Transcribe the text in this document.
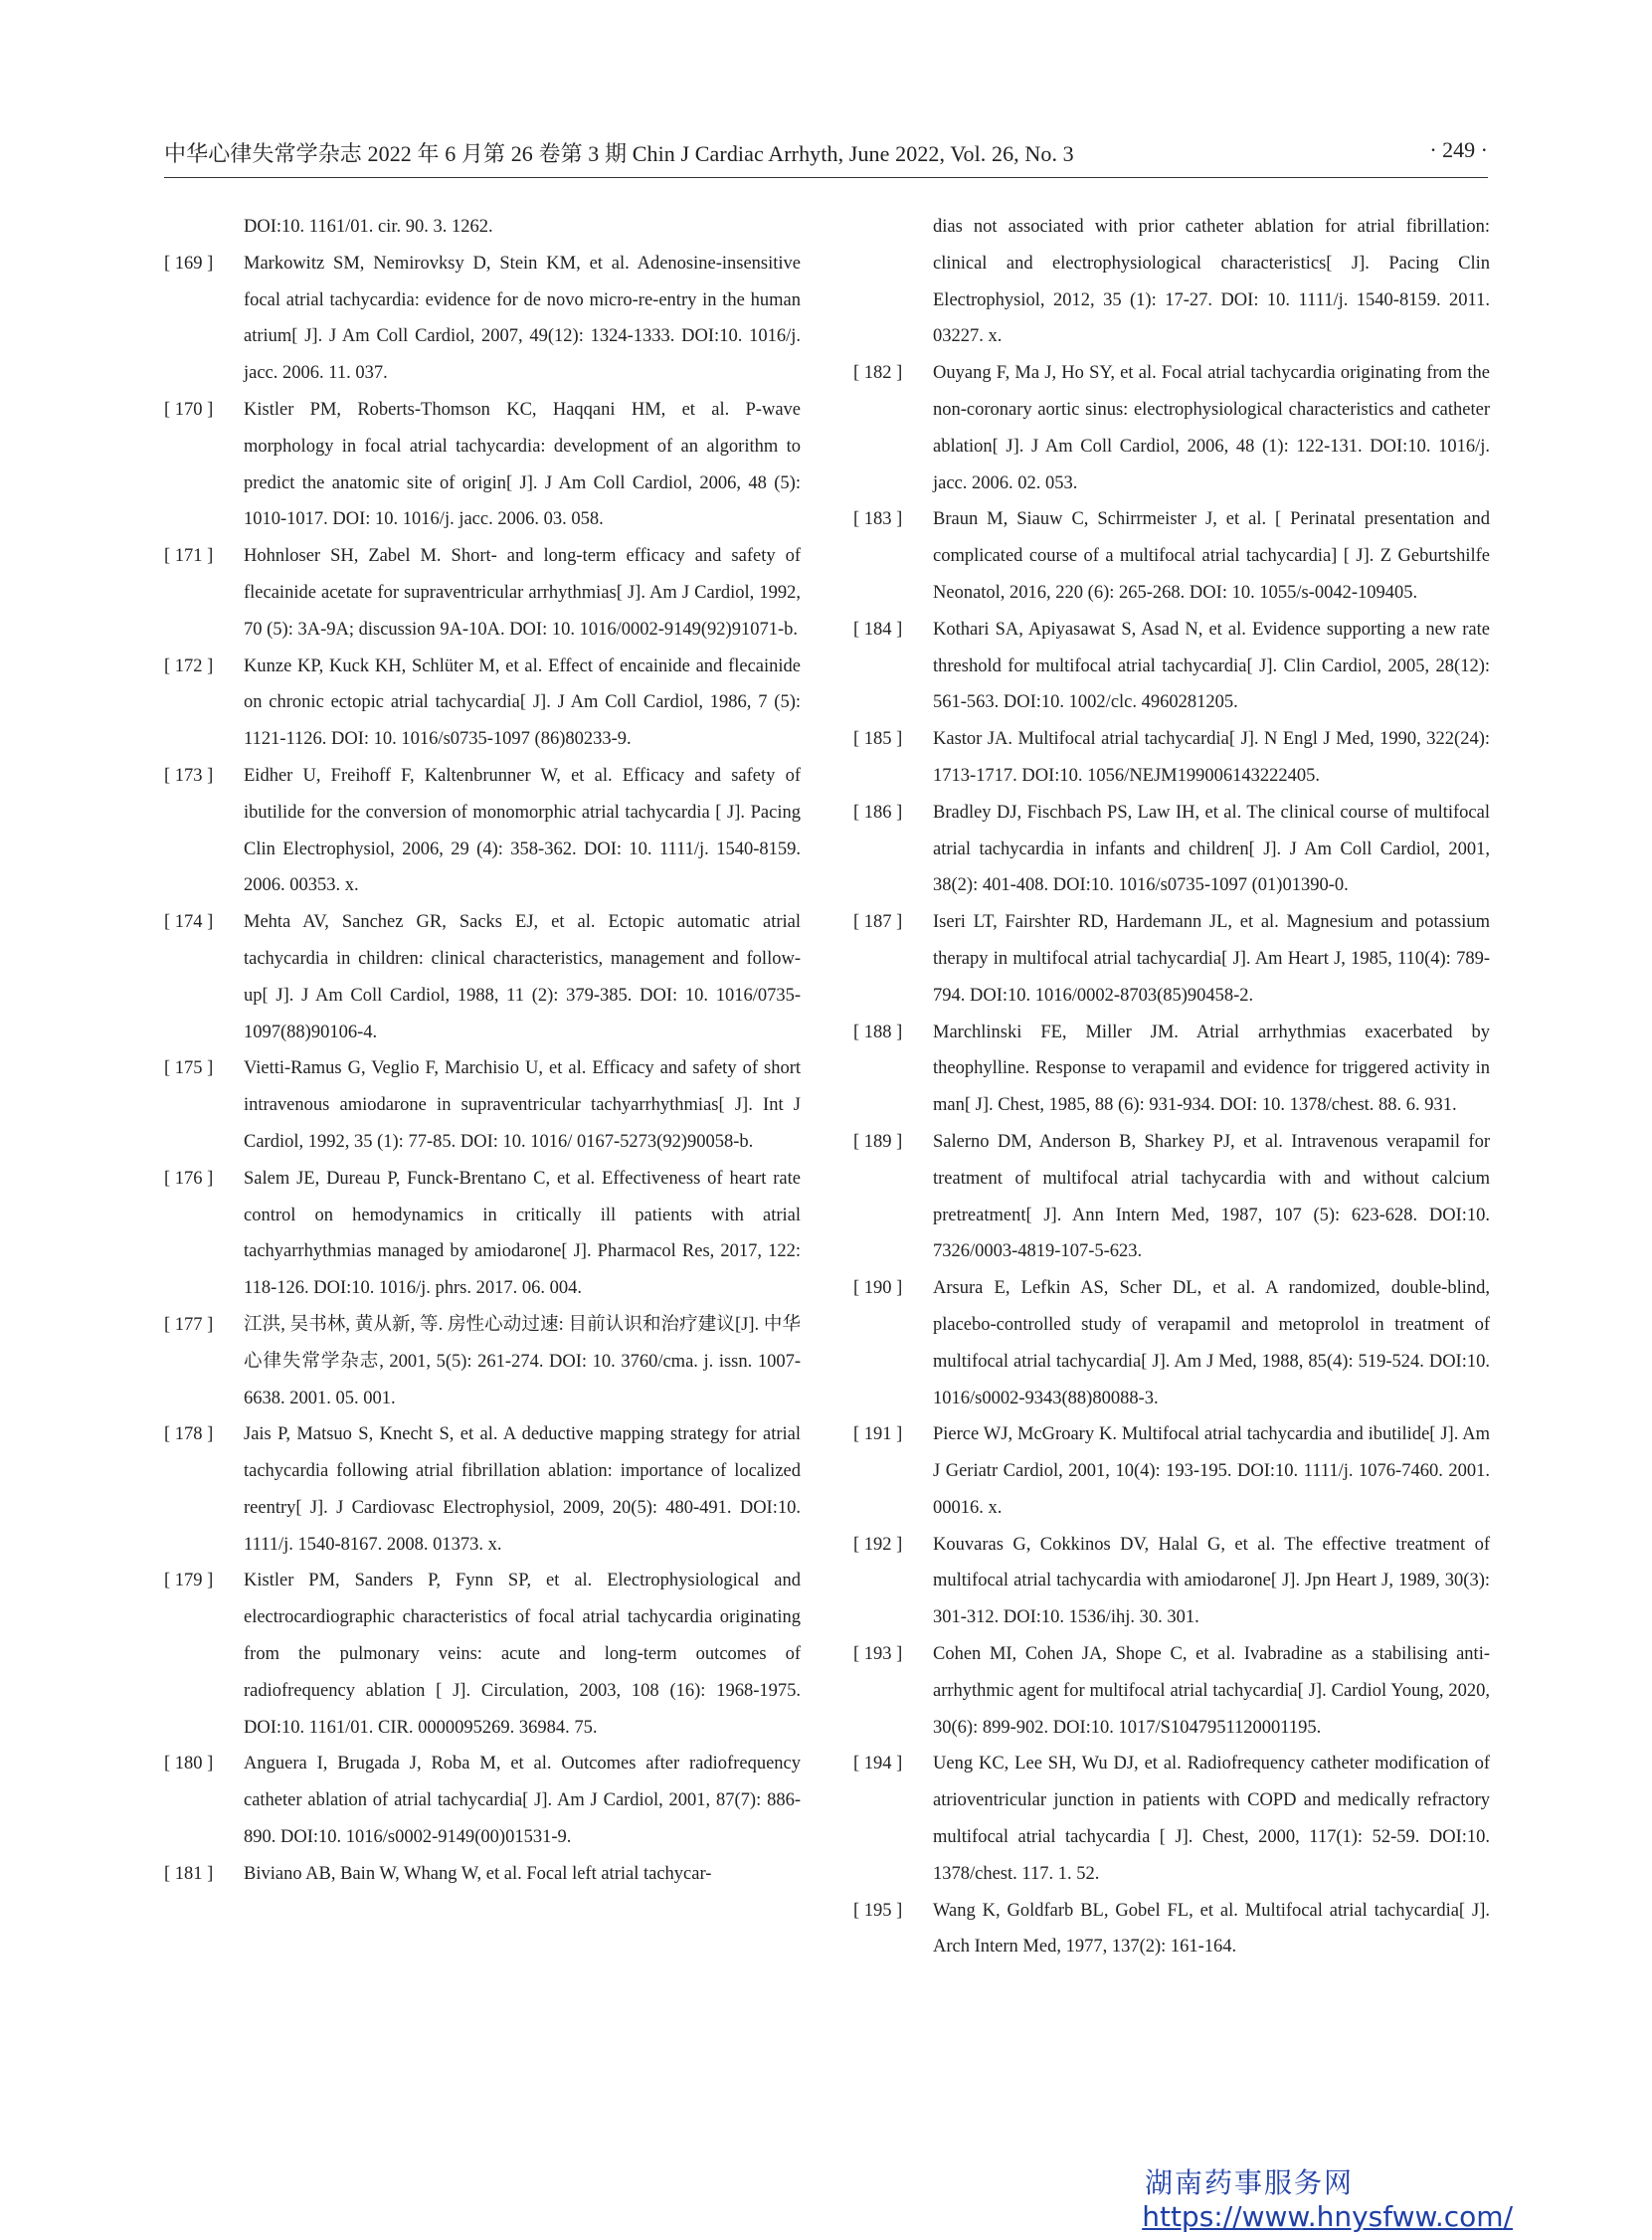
中华心律失常学杂志 2022 年 6 月第 26 卷第 3 期 Chin J Cardiac Arrhyth, June 2022, Vol. 26, No. 3	· 249 ·
DOI:10. 1161/01. cir. 90. 3. 1262.
[ 169 ]	Markowitz SM, Nemirovksy D, Stein KM, et al. Adenosine-insensitive focal atrial tachycardia: evidence for de novo micro-re-entry in the human atrium[ J]. J Am Coll Cardiol, 2007, 49(12): 1324-1333. DOI:10. 1016/j. jacc. 2006. 11. 037.
[ 170 ]	Kistler PM, Roberts-Thomson KC, Haqqani HM, et al. P-wave morphology in focal atrial tachycardia: development of an algorithm to predict the anatomic site of origin[ J]. J Am Coll Cardiol, 2006, 48 (5): 1010-1017. DOI: 10. 1016/j. jacc. 2006. 03. 058.
[ 171 ]	Hohnloser SH, Zabel M. Short- and long-term efficacy and safety of flecainide acetate for supraventricular arrhythmias[ J]. Am J Cardiol, 1992, 70 (5): 3A-9A; discussion 9A-10A. DOI: 10. 1016/0002-9149(92)91071-b.
[ 172 ]	Kunze KP, Kuck KH, Schlüter M, et al. Effect of encainide and flecainide on chronic ectopic atrial tachycardia[ J]. J Am Coll Cardiol, 1986, 7 (5): 1121-1126. DOI: 10. 1016/s0735-1097 (86)80233-9.
[ 173 ]	Eidher U, Freihoff F, Kaltenbrunner W, et al. Efficacy and safety of ibutilide for the conversion of monomorphic atrial tachycardia [ J]. Pacing Clin Electrophysiol, 2006, 29 (4): 358-362. DOI: 10. 1111/j. 1540-8159. 2006. 00353. x.
[ 174 ]	Mehta AV, Sanchez GR, Sacks EJ, et al. Ectopic automatic atrial tachycardia in children: clinical characteristics, management and follow-up[ J]. J Am Coll Cardiol, 1988, 11 (2): 379-385. DOI: 10. 1016/0735-1097(88)90106-4.
[ 175 ]	Vietti-Ramus G, Veglio F, Marchisio U, et al. Efficacy and safety of short intravenous amiodarone in supraventricular tachyarrhythmias[ J]. Int J Cardiol, 1992, 35 (1): 77-85. DOI: 10. 1016/ 0167-5273(92)90058-b.
[ 176 ]	Salem JE, Dureau P, Funck-Brentano C, et al. Effectiveness of heart rate control on hemodynamics in critically ill patients with atrial tachyarrhythmias managed by amiodarone[ J]. Pharmacol Res, 2017, 122: 118-126. DOI:10. 1016/j. phrs. 2017. 06. 004.
[ 177 ]	江洪, 吴书林, 黄从新, 等. 房性心动过速: 目前认识和治疗建议[J]. 中华心律失常学杂志, 2001, 5(5): 261-274. DOI: 10. 3760/cma. j. issn. 1007-6638. 2001. 05. 001.
[ 178 ]	Jais P, Matsuo S, Knecht S, et al. A deductive mapping strategy for atrial tachycardia following atrial fibrillation ablation: importance of localized reentry[ J]. J Cardiovasc Electrophysiol, 2009, 20(5): 480-491. DOI:10. 1111/j. 1540-8167. 2008. 01373. x.
[ 179 ]	Kistler PM, Sanders P, Fynn SP, et al. Electrophysiological and electrocardiographic characteristics of focal atrial tachycardia originating from the pulmonary veins: acute and long-term outcomes of radiofrequency ablation [ J]. Circulation, 2003, 108 (16): 1968-1975. DOI:10. 1161/01. CIR. 0000095269. 36984. 75.
[ 180 ]	Anguera I, Brugada J, Roba M, et al. Outcomes after radiofrequency catheter ablation of atrial tachycardia[ J]. Am J Cardiol, 2001, 87(7): 886-890. DOI:10. 1016/s0002-9149(00)01531-9.
[ 181 ]	Biviano AB, Bain W, Whang W, et al. Focal left atrial tachycar-
dias not associated with prior catheter ablation for atrial fibrillation: clinical and electrophysiological characteristics[ J]. Pacing Clin Electrophysiol, 2012, 35 (1): 17-27. DOI: 10. 1111/j. 1540-8159. 2011. 03227. x.
[ 182 ]	Ouyang F, Ma J, Ho SY, et al. Focal atrial tachycardia originating from the non-coronary aortic sinus: electrophysiological characteristics and catheter ablation[ J]. J Am Coll Cardiol, 2006, 48 (1): 122-131. DOI:10. 1016/j. jacc. 2006. 02. 053.
[ 183 ]	Braun M, Siauw C, Schirrmeister J, et al. [ Perinatal presentation and complicated course of a multifocal atrial tachycardia] [ J]. Z Geburtshilfe Neonatol, 2016, 220 (6): 265-268. DOI: 10. 1055/s-0042-109405.
[ 184 ]	Kothari SA, Apiyasawat S, Asad N, et al. Evidence supporting a new rate threshold for multifocal atrial tachycardia[ J]. Clin Cardiol, 2005, 28(12): 561-563. DOI:10. 1002/clc. 4960281205.
[ 185 ]	Kastor JA. Multifocal atrial tachycardia[ J]. N Engl J Med, 1990, 322(24): 1713-1717. DOI:10. 1056/NEJM199006143222405.
[ 186 ]	Bradley DJ, Fischbach PS, Law IH, et al. The clinical course of multifocal atrial tachycardia in infants and children[ J]. J Am Coll Cardiol, 2001, 38(2): 401-408. DOI:10. 1016/s0735-1097 (01)01390-0.
[ 187 ]	Iseri LT, Fairshter RD, Hardemann JL, et al. Magnesium and potassium therapy in multifocal atrial tachycardia[ J]. Am Heart J, 1985, 110(4): 789-794. DOI:10. 1016/0002-8703(85)90458-2.
[ 188 ]	Marchlinski FE, Miller JM. Atrial arrhythmias exacerbated by theophylline. Response to verapamil and evidence for triggered activity in man[ J]. Chest, 1985, 88 (6): 931-934. DOI: 10. 1378/chest. 88. 6. 931.
[ 189 ]	Salerno DM, Anderson B, Sharkey PJ, et al. Intravenous verapamil for treatment of multifocal atrial tachycardia with and without calcium pretreatment[ J]. Ann Intern Med, 1987, 107 (5): 623-628. DOI:10. 7326/0003-4819-107-5-623.
[ 190 ]	Arsura E, Lefkin AS, Scher DL, et al. A randomized, double-blind, placebo-controlled study of verapamil and metoprolol in treatment of multifocal atrial tachycardia[ J]. Am J Med, 1988, 85(4): 519-524. DOI:10. 1016/s0002-9343(88)80088-3.
[ 191 ]	Pierce WJ, McGroary K. Multifocal atrial tachycardia and ibutilide[ J]. Am J Geriatr Cardiol, 2001, 10(4): 193-195. DOI:10. 1111/j. 1076-7460. 2001. 00016. x.
[ 192 ]	Kouvaras G, Cokkinos DV, Halal G, et al. The effective treatment of multifocal atrial tachycardia with amiodarone[ J]. Jpn Heart J, 1989, 30(3): 301-312. DOI:10. 1536/ihj. 30. 301.
[ 193 ]	Cohen MI, Cohen JA, Shope C, et al. Ivabradine as a stabilising anti-arrhythmic agent for multifocal atrial tachycardia[ J]. Cardiol Young, 2020, 30(6): 899-902. DOI:10. 1017/S1047951120001195.
[ 194 ]	Ueng KC, Lee SH, Wu DJ, et al. Radiofrequency catheter modification of atrioventricular junction in patients with COPD and medically refractory multifocal atrial tachycardia [ J]. Chest, 2000, 117(1): 52-59. DOI:10. 1378/chest. 117. 1. 52.
[ 195 ]	Wang K, Goldfarb BL, Gobel FL, et al. Multifocal atrial tachycardia[ J]. Arch Intern Med, 1977, 137(2): 161-164.
湖南药事服务网
https://www.hnysfww.com/
